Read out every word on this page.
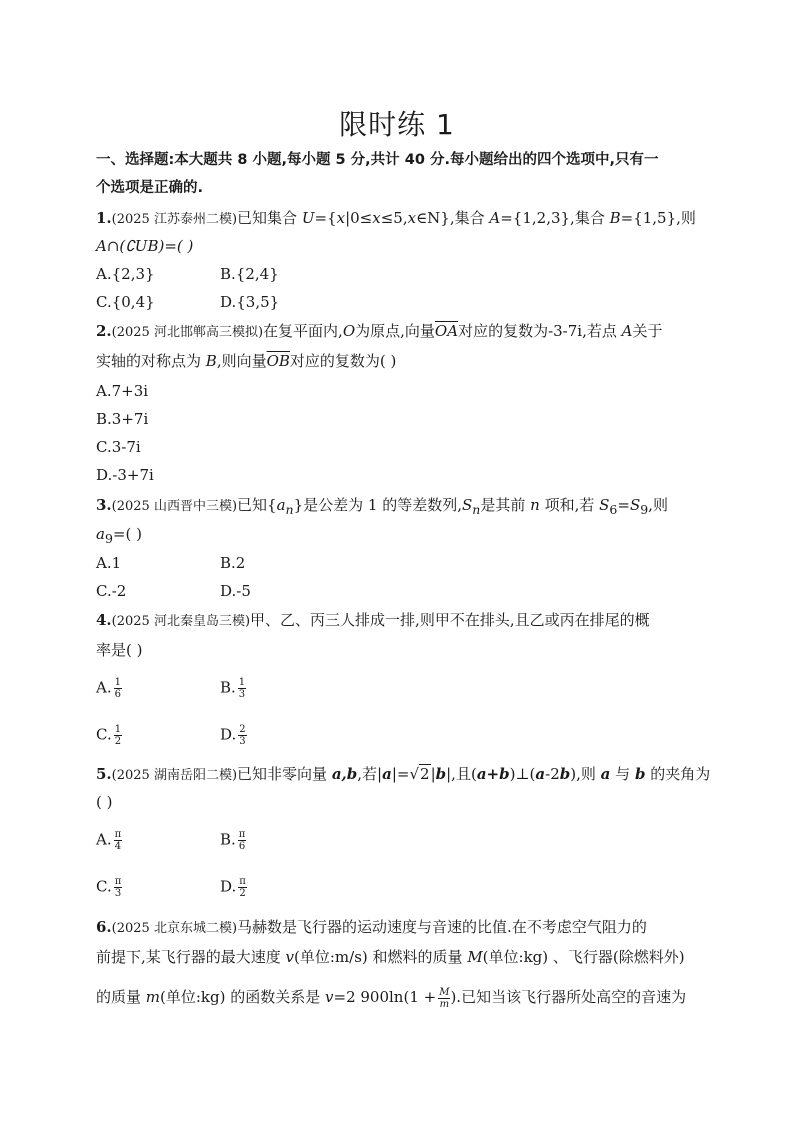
限时练 1
一、选择题:本大题共 8 小题,每小题 5 分,共计 40 分.每小题给出的四个选项中,只有一
个选项是正确的.
1.(2025 江苏泰州二模)已知集合 U={x|0≤x≤5,x∈N},集合 A={1,2,3},集合 B={1,5},则
A∩(∁UB)=( )
A.{2,3}	B.{2,4}
C.{0,4}	D.{3,5}
2.(2025 河北邯郸高三模拟)在复平面内,O为原点,向量$\overline{OA}$对应的复数为-3-7i,若点 A关于
实轴的对称点为 B,则向量$\overline{OB}$对应的复数为( )
A.7+3i
B.3+7i
C.3-7i
D.-3+7i
3.(2025 山西晋中三模)已知$\{a_n\}$是公差为 1 的等差数列$,S_n$是其前 n 项和,若 $S_6=S_9$,则
$a_9=$( )
A.1	B.2
C.-2	D.-5
4.(2025 河北秦皇岛三模)甲、乙、丙三人排成一排,则甲不在排头,且乙或丙在排尾的概
率是( )
A. $\frac{1}{6}$	B. $\frac{1}{3}$
C. $\frac{1}{2}$	D. $\frac{2}{3}$
5.(2025 湖南岳阳二模)已知非零向量 a,b,若|a|=√2|b|,且(a+b)⊥(a-2b),则 a 与 b 的夹角为
( )
A. $\frac{\pi}{4}$	B. $\frac{\pi}{6}$
C. $\frac{\pi}{3}$	D. $\frac{\pi}{2}$
6.(2025 北京东城二模)马赫数是飞行器的运动速度与音速的比值.在不考虑空气阻力的
前提下,某飞行器的最大速度 v(单位:m/s) 和燃料的质量 M(单位:kg) 、飞行器(除燃料外)
的质量 m(单位:kg) 的函数关系是 v=2 $900\ln(1 + \frac{M}{m}$ ).已知当该飞行器所处高空的音速为
